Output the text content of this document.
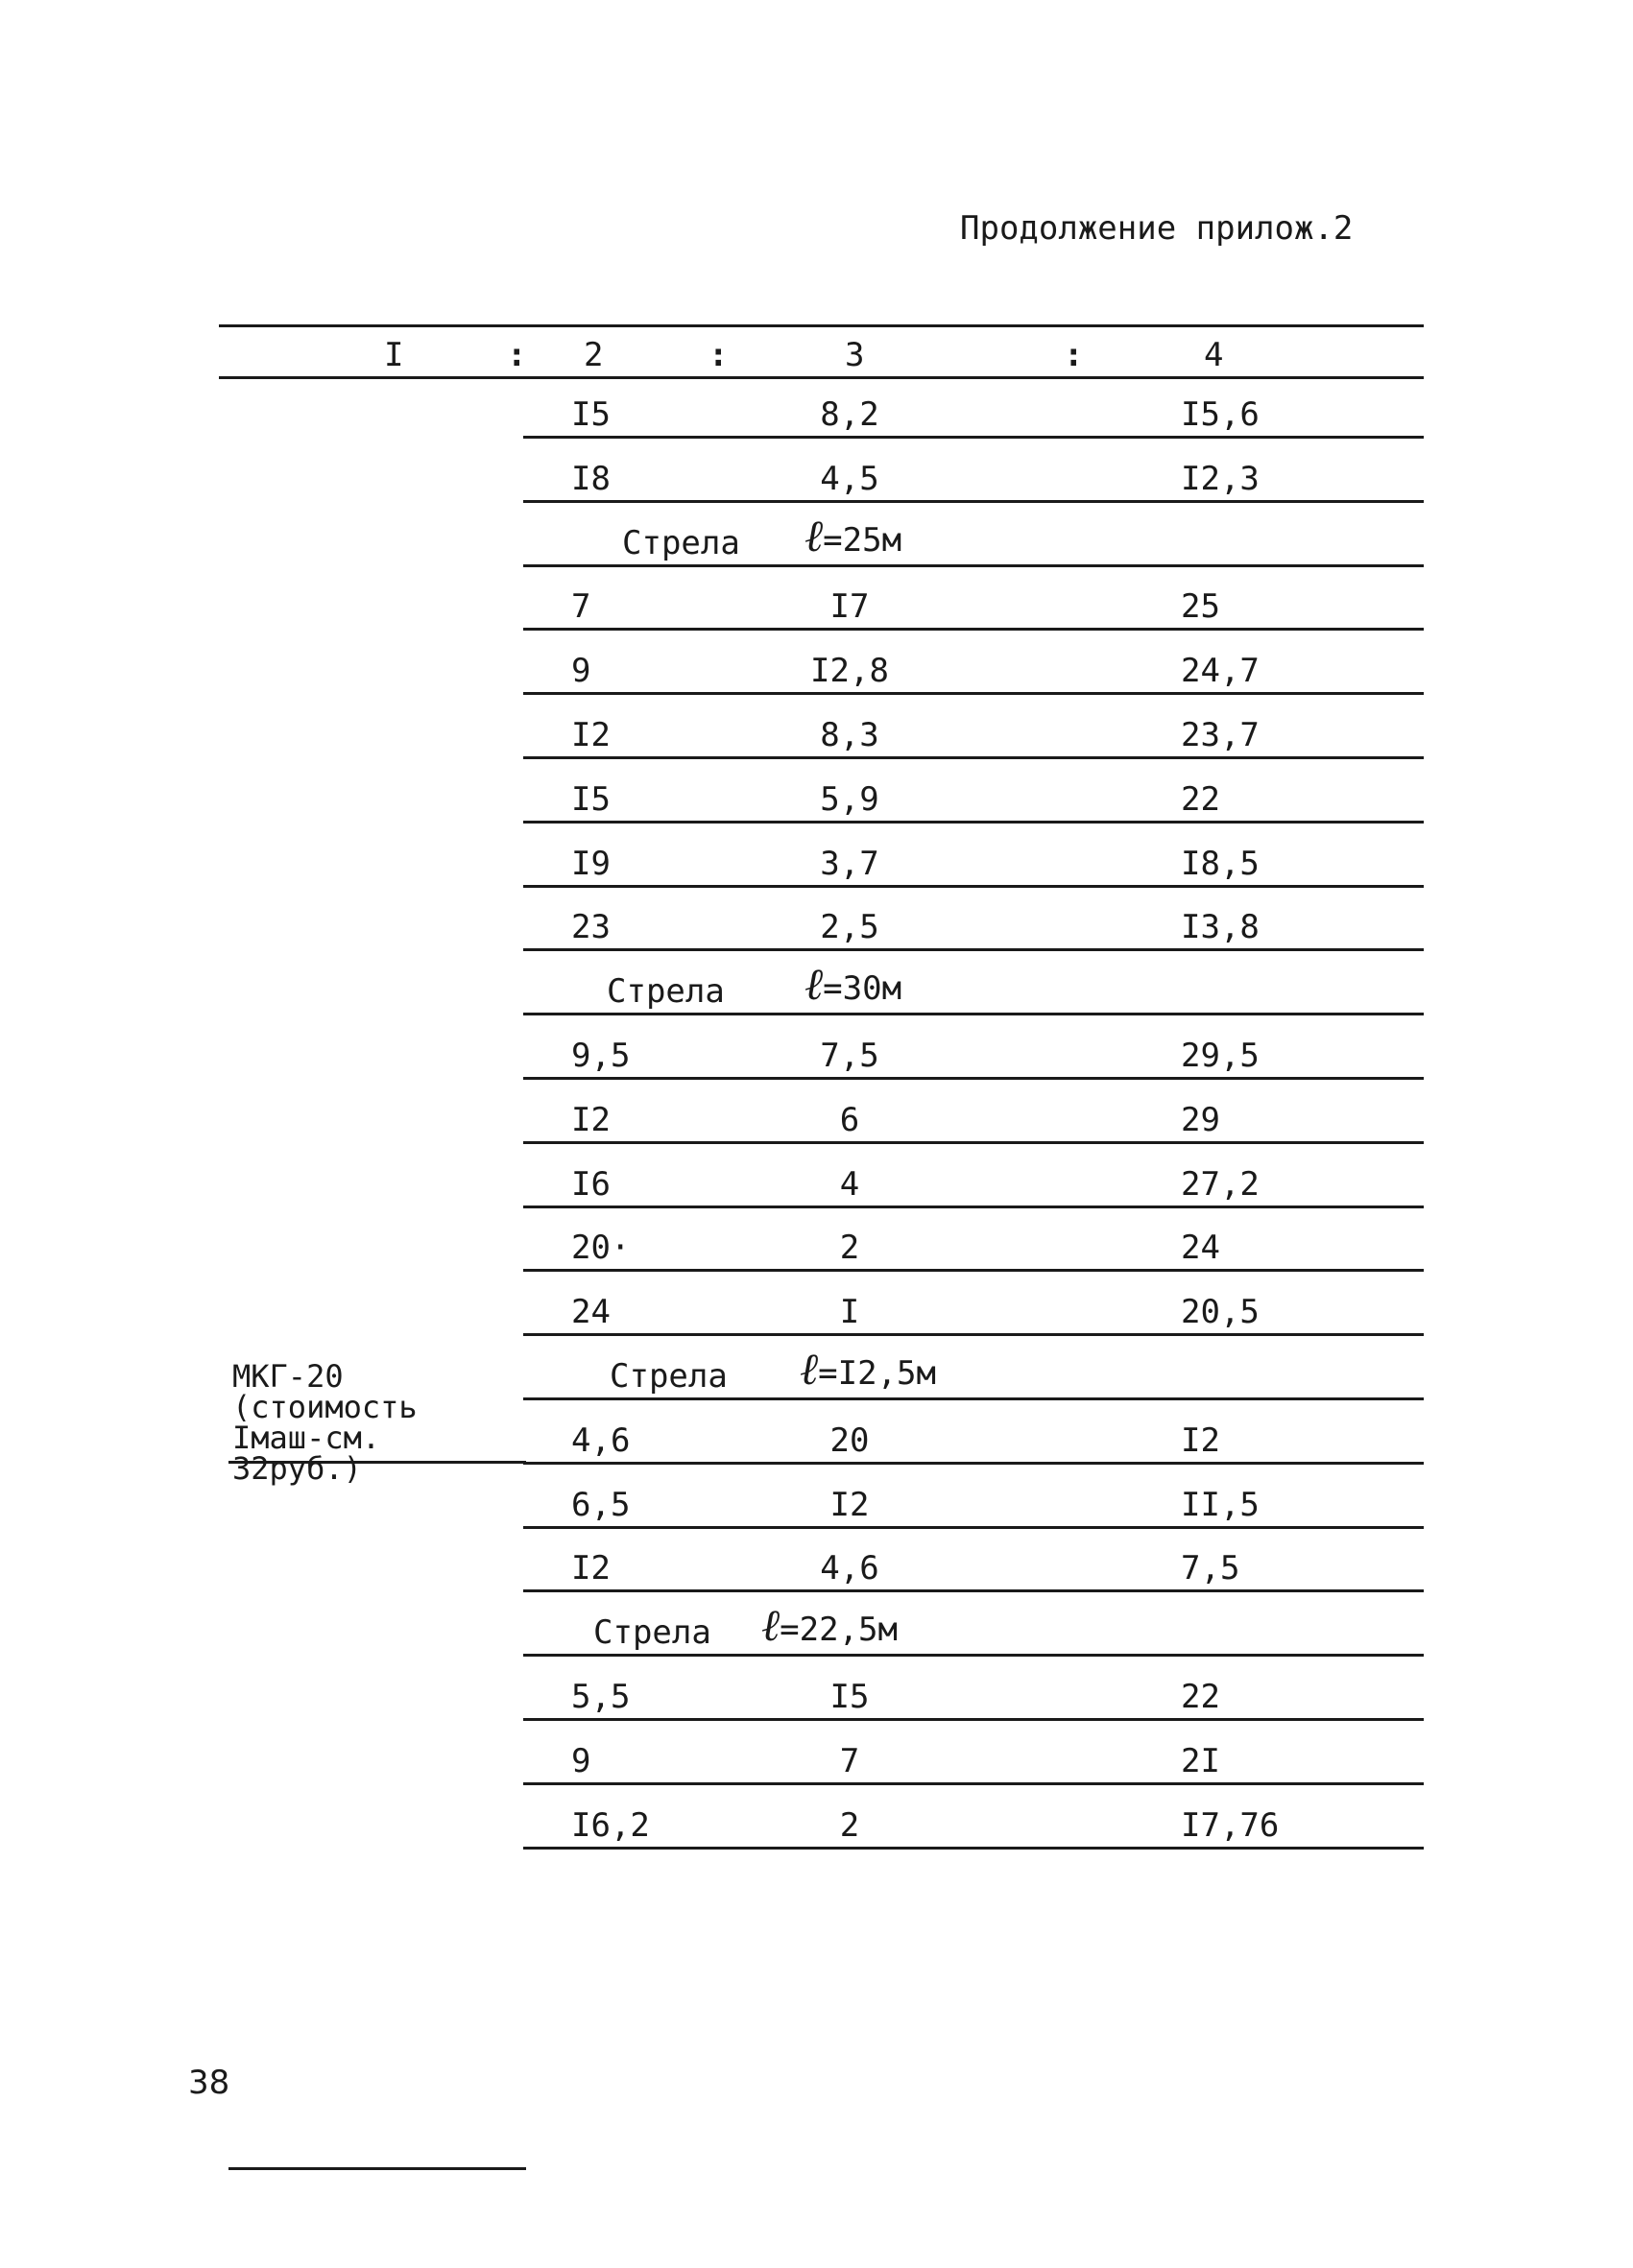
Продолжение прилож.2
I	: 2	:	3	:	4
I5	8,2	I5,6
I8	4,5	I2,3
Стрела ℓ=25м
7	I7	25
9	I2,8	24,7
I2	8,3	23,7
I5	5,9	22
I9	3,7	I8,5
23	2,5	I3,8
Стрела ℓ=30м
9,5	7,5	29,5
I2	6	29
I6	4	27,2
20·	2	24
24	I	20,5
Стрела ℓ=I2,5м
4,6	20	I2
6,5	I2	II,5
I2	4,6	7,5
Стрела ℓ=22,5м
5,5	I5	22
9	7	2I
I6,2	2	I7,76
МКГ-20
(стоимость
Iмаш-см.
32руб.)
38
